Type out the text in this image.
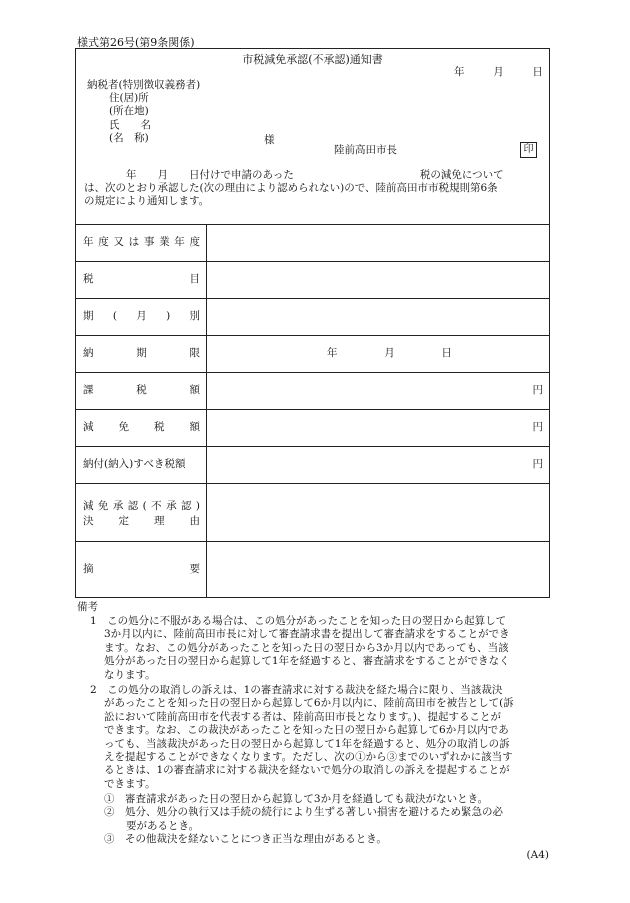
様式第26号(第9条関係)
市税減免承認(不承認)通知書
年	月	日
納税者(特別徴収義務者)
住(居)所
(所在地)
氏　　名
(名　称)	様
陸前高田市長	印
　　　　年　　月　　日付けで申請のあった　　　　　　　　　　　　税の減免について
は、次のとおり承認した(次の理由により認められない)ので、陸前高田市市税規則第6条
の規定により通知します。
年度又は事業年度
税目
期(月)別
納期限	年	月	日
課税額	円
減免税額	円
納付(納入)すべき税額	円
減免承認(不承認)
決定理由
摘要
備考
1　この処分に不服がある場合は、この処分があったことを知った日の翌日から起算して
3か月以内に、陸前高田市長に対して審査請求書を提出して審査請求をすることができ
ます。なお、この処分があったことを知った日の翌日から3か月以内であっても、当該
処分があった日の翌日から起算して1年を経過すると、審査請求をすることができなく
なります。
2　この処分の取消しの訴えは、1の審査請求に対する裁決を経た場合に限り、当該裁決
があったことを知った日の翌日から起算して6か月以内に、陸前高田市を被告として(訴
訟において陸前高田市を代表する者は、陸前高田市長となります。)、提起することが
できます。なお、この裁決があったことを知った日の翌日から起算して6か月以内であ
っても、当該裁決があった日の翌日から起算して1年を経過すると、処分の取消しの訴
えを提起することができなくなります。ただし、次の①から③までのいずれかに該当す
るときは、1の審査請求に対する裁決を経ないで処分の取消しの訴えを提起することが
できます。
①　審査請求があった日の翌日から起算して3か月を経過しても裁決がないとき。
②　処分、処分の執行又は手続の続行により生ずる著しい損害を避けるため緊急の必
要があるとき。
③　その他裁決を経ないことにつき正当な理由があるとき。
(A4)
